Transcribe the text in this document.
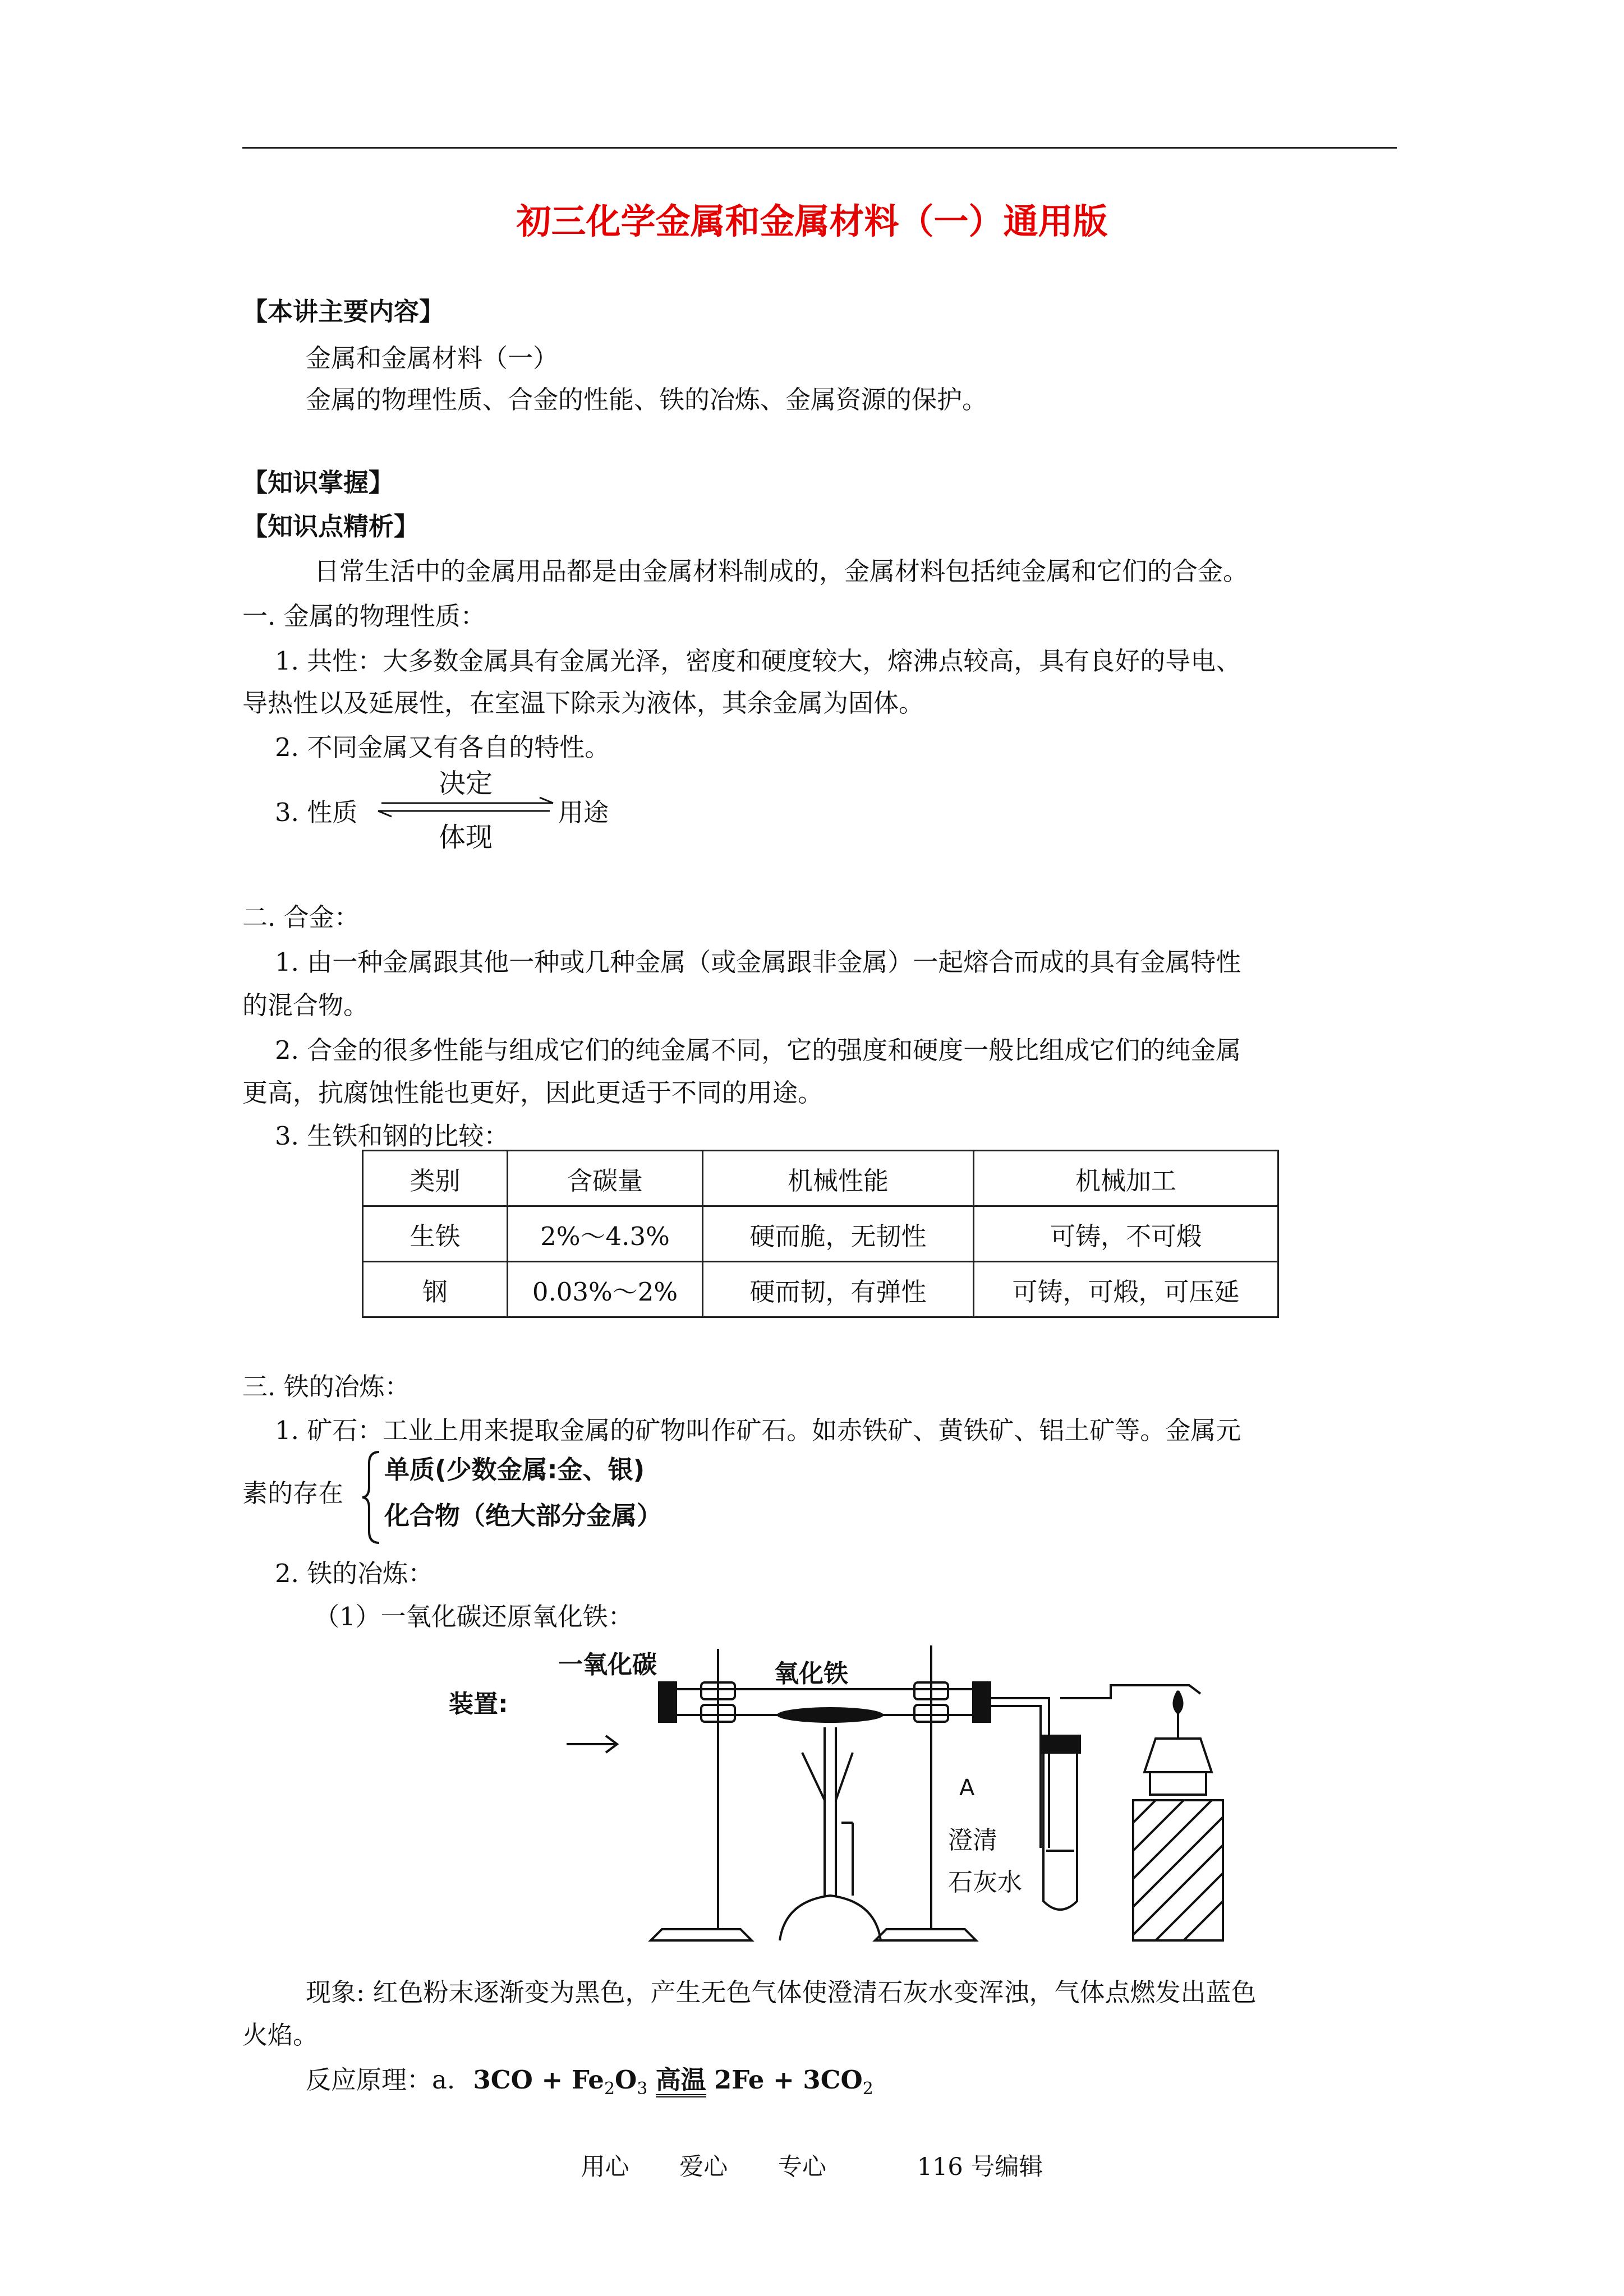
初三化学金属和金属材料（一）通用版
【本讲主要内容】
金属和金属材料（一）
金属的物理性质、合金的性能、铁的冶炼、金属资源的保护。
【知识掌握】
【知识点精析】
日常生活中的金属用品都是由金属材料制成的，金属材料包括纯金属和它们的合金。
一. 金属的物理性质：
1. 共性：大多数金属具有金属光泽，密度和硬度较大，熔沸点较高，具有良好的导电、
导热性以及延展性，在室温下除汞为液体，其余金属为固体。
2. 不同金属又有各自的特性。
3. 性质
决定
体现
用途
二. 合金：
1. 由一种金属跟其他一种或几种金属（或金属跟非金属）一起熔合而成的具有金属特性
的混合物。
2. 合金的很多性能与组成它们的纯金属不同，它的强度和硬度一般比组成它们的纯金属
更高，抗腐蚀性能也更好，因此更适于不同的用途。
3. 生铁和钢的比较：
类别	含碳量	机械性能	机械加工
生铁	2%～4.3%	硬而脆，无韧性	可铸，不可煅
钢	0.03%～2%	硬而韧，有弹性	可铸，可煅，可压延
三. 铁的冶炼：
1. 矿石：工业上用来提取金属的矿物叫作矿石。如赤铁矿、黄铁矿、铝土矿等。金属元
素的存在
单质(少数金属:金、银)
化合物（绝大部分金属）
2. 铁的冶炼：
（1）一氧化碳还原氧化铁：
装置:
一氧化碳	氧化铁
A
澄清
石灰水
现象: 红色粉末逐渐变为黑色，产生无色气体使澄清石灰水变浑浊，气体点燃发出蓝色
火焰。
反应原理：a. $3CO + Fe_2O_3$ 高温 $2Fe + 3CO_2$
用心 爱心 专心	116 号编辑
